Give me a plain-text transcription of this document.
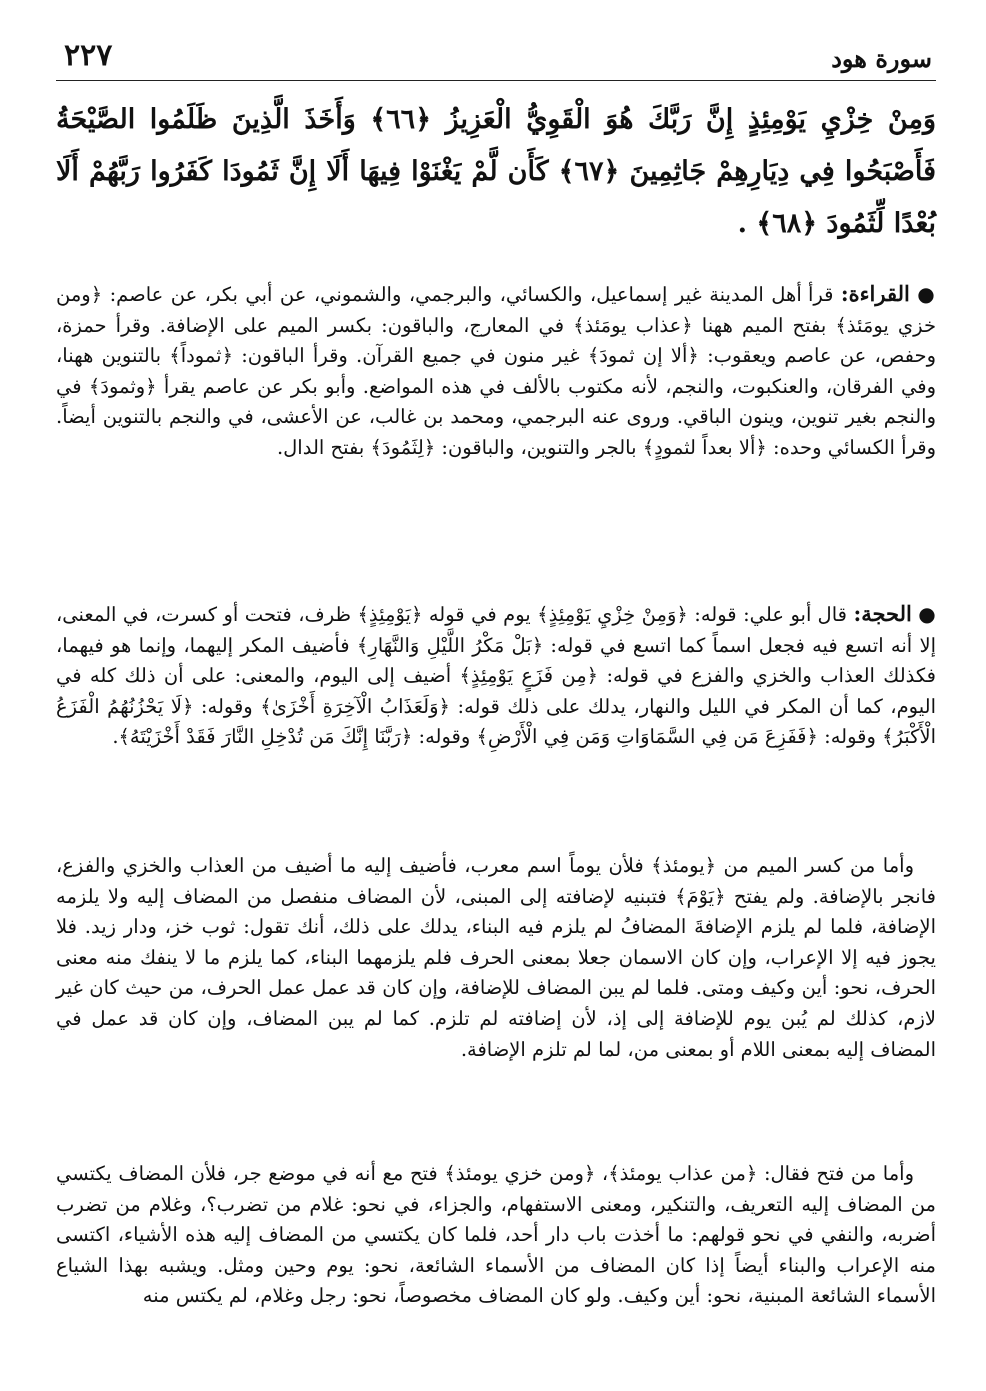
٢٢٧	سورة هود
وَمِنْ خِزْيِ يَوْمِئِذٍ إِنَّ رَبَّكَ هُوَ الْقَوِيُّ الْعَزِيزُ ﴿٦٦﴾ وَأَخَذَ الَّذِينَ ظَلَمُوا الصَّيْحَةُ فَأَصْبَحُوا فِي دِيَارِهِمْ جَاثِمِينَ ﴿٦٧﴾ كَأَن لَّمْ يَغْنَوْا فِيهَا أَلَا إِنَّ ثَمُودَا كَفَرُوا رَبَّهُمْ أَلَا بُعْدًا لِّثَمُودَ ﴿٦٨﴾ .

● القراءة: قرأ أهل المدينة غير إسماعيل، والكسائي، والبرجمي، والشموني، عن أبي بكر، عن عاصم: ﴿ومن خزي يومَئذ﴾ بفتح الميم ههنا ﴿عذاب يومَئذ﴾ في المعارج، والباقون: بكسر الميم على الإضافة. وقرأ حمزة، وحفص، عن عاصم ويعقوب: ﴿ألا إن ثمودَ﴾ غير منون في جميع القرآن. وقرأ الباقون: ﴿ثموداً﴾ بالتنوين ههنا، وفي الفرقان، والعنكبوت، والنجم، لأنه مكتوب بالألف في هذه المواضع. وأبو بكر عن عاصم يقرأ ﴿وثمودَ﴾ في والنجم بغير تنوين، وينون الباقي. وروى عنه البرجمي، ومحمد بن غالب، عن الأعشى، في والنجم بالتنوين أيضاً. وقرأ الكسائي وحده: ﴿ألا بعداً لثمودٍ﴾ بالجر والتنوين، والباقون: ﴿لِثَمُودَ﴾ بفتح الدال.

● الحجة: قال أبو علي: قوله: ﴿وَمِنْ خِزْيِ يَوْمِئِذٍ﴾ يوم في قوله ﴿يَوْمِئِذٍ﴾ ظرف، فتحت أو كسرت، في المعنى، إلا أنه اتسع فيه فجعل اسماً كما اتسع في قوله: ﴿بَلْ مَكْرُ اللَّيْلِ وَالنَّهَارِ﴾ فأضيف المكر إليهما، وإنما هو فيهما، فكذلك العذاب والخزي والفزع في قوله: ﴿مِن فَزَعٍ يَوْمِئِذٍ﴾ أضيف إلى اليوم، والمعنى: على أن ذلك كله في اليوم، كما أن المكر في الليل والنهار، يدلك على ذلك قوله: ﴿وَلَعَذَابُ الْآخِرَةِ أَخْزَىٰ﴾ وقوله: ﴿لَا يَحْزُنُهُمُ الْفَزَعُ الْأَكْبَرُ﴾ وقوله: ﴿فَفَزِعَ مَن فِي السَّمَاوَاتِ وَمَن فِي الْأَرْضِ﴾ وقوله: ﴿رَبَّنَا إِنَّكَ مَن تُدْخِلِ النَّارَ فَقَدْ أَخْزَيْتَهُ﴾.

وأما من كسر الميم من ﴿يومئذ﴾ فلأن يوماً اسم معرب، فأضيف إليه ما أضيف من العذاب والخزي والفزع، فانجر بالإضافة. ولم يفتح ﴿يَوْمَ﴾ فتبنيه لإضافته إلى المبنى، لأن المضاف منفصل من المضاف إليه ولا يلزمه الإضافة، فلما لم يلزم الإضافةَ المضافُ لم يلزم فيه البناء، يدلك على ذلك، أنك تقول: ثوب خز، ودار زيد. فلا يجوز فيه إلا الإعراب، وإن كان الاسمان جعلا بمعنى الحرف فلم يلزمهما البناء، كما يلزم ما لا ينفك منه معنى الحرف، نحو: أين وكيف ومتى. فلما لم يبن المضاف للإضافة، وإن كان قد عمل عمل الحرف، من حيث كان غير لازم، كذلك لم يُبن يوم للإضافة إلى إذ، لأن إضافته لم تلزم. كما لم يبن المضاف، وإن كان قد عمل في المضاف إليه بمعنى اللام أو بمعنى من، لما لم تلزم الإضافة.

وأما من فتح فقال: ﴿من عذاب يومئذ﴾، ﴿ومن خزي يومئذ﴾ فتح مع أنه في موضع جر، فلأن المضاف يكتسي من المضاف إليه التعريف، والتنكير، ومعنى الاستفهام، والجزاء، في نحو: غلام من تضرب؟، وغلام من تضرب أضربه، والنفي في نحو قولهم: ما أخذت باب دار أحد، فلما كان يكتسي من المضاف إليه هذه الأشياء، اكتسى منه الإعراب والبناء أيضاً إذا كان المضاف من الأسماء الشائعة، نحو: يوم وحين ومثل. ويشبه بهذا الشياع الأسماء الشائعة المبنية، نحو: أين وكيف. ولو كان المضاف مخصوصاً، نحو: رجل وغلام، لم يكتس منه
